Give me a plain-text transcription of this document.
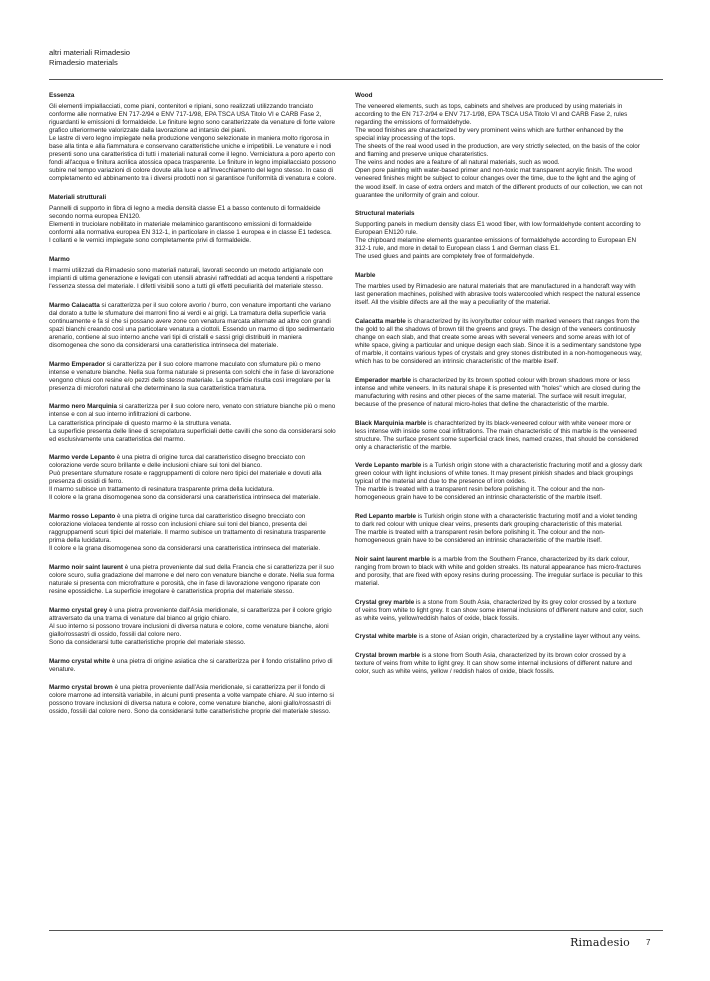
altri materiali Rimadesio
Rimadesio materials
Essenza

Gli elementi impiallacciati, come piani, contenitori e ripiani, sono realizzati utilizzando tranciato conforme alle normative EN 717-2/94 e ENV 717-1/98, EPA TSCA USA Titolo VI e CARB Fase 2, riguardanti le emissioni di formaldeide. Le finiture legno sono caratterizzate da venature di forte valore grafico ulteriormente valorizzate dalla lavorazione ad intarsio dei piani.

Le lastre di vero legno impiegate nella produzione vengono selezionate in maniera molto rigorosa in base alla tinta e alla fiammatura e conservano caratteristiche uniche e irripetibili. Le venature e i nodi presenti sono una caratteristica di tutti i materiali naturali come il legno. Verniciatura a poro aperto con fondi all'acqua e finitura acrilica atossica opaca trasparente. Le finiture in legno impiallacciato possono subire nel tempo variazioni di colore dovute alla luce e all'invecchiamento del legno stesso. In caso di completamento ed abbinamento tra i diversi prodotti non si garantisce l'uniformità di venatura e colore.

Materiali strutturali

Pannelli di supporto in fibra di legno a media densità classe E1 a basso contenuto di formaldeide secondo norma europea EN120.

Elementi in truciolare nobilitato in materiale melaminico garantiscono emissioni di formaldeide conformi alla normativa europea EN 312-1, in particolare in classe 1 europea e in classe E1 tedesca.

I collanti e le vernici impiegate sono completamente privi di formaldeide.

Marmo

I marmi utilizzati da Rimadesio sono materiali naturali, lavorati secondo un metodo artigianale con impianti di ultima generazione e levigati con utensili abrasivi raffreddati ad acqua tendenti a rispettare l'essenza stessa del materiale. I difetti visibili sono a tutti gli effetti peculiarità del materiale stesso.

Marmo Calacatta si caratterizza per il suo colore avorio / burro, con venature importanti che variano dal dorato a tutte le sfumature dei marroni fino ai verdi e ai grigi. La tramatura della superficie varia continuamente e fa sì che si possano avere zone con venatura marcata alternate ad altre con grandi spazi bianchi creando così una particolare venatura a ciottoli. Essendo un marmo di tipo sedimentario arenario, contiene al suo interno anche vari tipi di cristalli e sassi grigi distribuiti in maniera disomogenea che sono da considerarsi una caratteristica intrinseca del materiale.

Marmo Emperador si caratterizza per il suo colore marrone maculato con sfumature più o meno intense e venature bianche. Nella sua forma naturale si presenta con solchi che in fase di lavorazione vengono chiusi con resine e/o pezzi dello stesso materiale. La superficie risulta così irregolare per la presenza di microfori naturali che determinano la sua caratteristica tramatura.

Marmo nero Marquinia si caratterizza per il suo colore nero, venato con striature bianche più o meno intense e con al suo interno infiltrazioni di carbone.

La caratteristica principale di questo marmo è la struttura venata.

La superficie presenta delle linee di screpolatura superficiali dette cavilli che sono da considerarsi solo ed esclusivamente una caratteristica del marmo.

Marmo verde Lepanto è una pietra di origine turca dal caratteristico disegno brecciato con colorazione verde scuro brillante e delle inclusioni chiare sui toni del bianco.

Può presentare sfumature rosate e raggruppamenti di colore nero tipici del materiale e dovuti alla presenza di ossidi di ferro.

Il marmo subisce un trattamento di resinatura trasparente prima della lucidatura.

Il colore e la grana disomogenea sono da considerarsi una caratteristica intrinseca del materiale.

Marmo rosso Lepanto è una pietra di origine turca dal caratteristico disegno brecciato con colorazione violacea tendente al rosso con inclusioni chiare sui toni del bianco, presenta dei raggruppamenti scuri tipici del materiale. Il marmo subisce un trattamento di resinatura trasparente prima della lucidatura.

Il colore e la grana disomogenea sono da considerarsi una caratteristica intrinseca del materiale.

Marmo noir saint laurent è una pietra proveniente dal sud della Francia che si caratterizza per il suo colore scuro, sulla gradazione del marrone e del nero con venature bianche e dorate. Nella sua forma naturale si presenta con microfratture e porosità, che in fase di lavorazione vengono riparate con resine epossidiche. La superficie irregolare è caratteristica propria del materiale stesso.

Marmo crystal grey è una pietra proveniente dall'Asia meridionale, si caratterizza per il colore grigio attraversato da una trama di venature dal bianco al grigio chiaro.

Al suo interno si possono trovare inclusioni di diversa natura e colore, come venature bianche, aloni giallo/rossastri di ossido, fossili dal colore nero.

Sono da considerarsi tutte caratteristiche proprie del materiale stesso.

Marmo crystal white è una pietra di origine asiatica che si caratterizza per il fondo cristallino privo di venature.

Marmo crystal brown è una pietra proveniente dall'Asia meridionale, si caratterizza per il fondo di colore marrone ad intensità variabile, in alcuni punti presenta a volte vampate chiare. Al suo interno si possono trovare inclusioni di diversa natura e colore, come venature bianche, aloni giallo/rossastri di ossido, fossili dal colore nero. Sono da considerarsi tutte caratteristiche proprie del materiale stesso.

Wood

The veneered elements, such as tops, cabinets and shelves are produced by using materials in according to the EN 717-2/94 e ENV 717-1/98, EPA TSCA USA Titolo VI and CARB Fase 2, rules regarding the emissions of formaldehyde.

The wood finishes are characterized by very prominent veins which are further enhanced by the special inlay processing of the tops.

The sheets of the real wood used in the production, are very strictly selected, on the basis of the color and flaming and preserve unique charateristics.

The veins and nodes are a feature of all natural materials, such as wood.

Open pore painting with water-based primer and non-toxic mat transparent acrylic finish. The wood veneered finishes might be subject to colour changes over the time, due to the light and the aging of the wood itself. In case of extra orders and match of the different products of our collection, we can not guarantee the uniformity of grain and colour.

Structural materials

Supporting panels in medium density class E1 wood fiber, with low formaldehyde content according to European EN120 rule.

The chipboard melamine elements guarantee emissions of formaldehyde according to European EN 312-1 rule, and more in detail to European class 1 and German class E1.

The used glues and paints are completely free of formaldehyde.

Marble

The marbles used by Rimadesio are natural materials that are manufactured in a handcraft way with last generation machines, polished with abrasive tools watercooled which respect the natural essence itself. All the visible difects are all the way a peculiarity of the material.

Calacatta marble is characterized by its ivory/butter colour with marked veneers that ranges from the the gold to all the shadows of brown till the greens and greys. The design of the veneers continuosly change on each slab, and that create some areas with several veneers and some areas with lot of white space, giving a particular and unique design each slab. Since it is a sedimentary sandstone type of marble, it contains various types of crystals and grey stones distributed in a non-homogeneous way, which has to be considered an intrinsic characteristic of the marble itself.

Emperador marble is characterized by its brown spotted colour with brown shadows more or less intense and white veneers. In its natural shape it is presented with "holes" which are closed during the manufacturing with resins and other pieces of the same material. The surface will result irregular, because of the presence of natural micro-holes that define the characteristic of the marble.

Black Marquinia marble is charachterized by its black-veneered colour with white veneer more or less intense with inside some coal infiltrations. The main characteristic of this marble is the veneered structure. The surface present some superficial crack lines, named crazes, that should be considered only a characteristic of the marble.

Verde Lepanto marble is a Turkish origin stone with a characteristic fracturing motif and a glossy dark green colour with light inclusions of white tones. It may present pinkish shades and black groupings typical of the material and due to the presence of iron oxides.

The marble is treated with a transparent resin before polishing it. The colour and the non-homogeneous grain have to be considered an intrinsic characteristic of the marble itself.

Red Lepanto marble is Turkish origin stone with a characteristic fracturing motif and a violet tending to dark red colour with unique clear veins, presents dark grouping characteristic of this material.

The marble is treated with a transparent resin before polishing it. The colour and the non-homogeneous grain have to be considered an intrinsic characteristic of the marble itself.

Noir saint laurent marble is a marble from the Southern France, characterized by its dark colour, ranging from brown to black with white and golden streaks. Its natural appearance has micro-fractures and porosity, that are fixed with epoxy resins during processing. The irregular surface is peculiar to this material.

Crystal grey marble is a stone from South Asia, characterized by its grey color crossed by a texture of veins from white to light grey. It can show some internal inclusions of different nature and color, such as white veins, yellow/reddish halos of oxide, black fossils.

Crystal white marble is a stone of Asian origin, characterized by a crystalline layer without any veins.

Crystal brown marble is a stone from South Asia, characterized by its brown color crossed by a texture of veins from white to light grey. It can show some internal inclusions of different nature and color, such as white veins, yellow / reddish halos of oxide, black fossils.

Rimadesio 7
